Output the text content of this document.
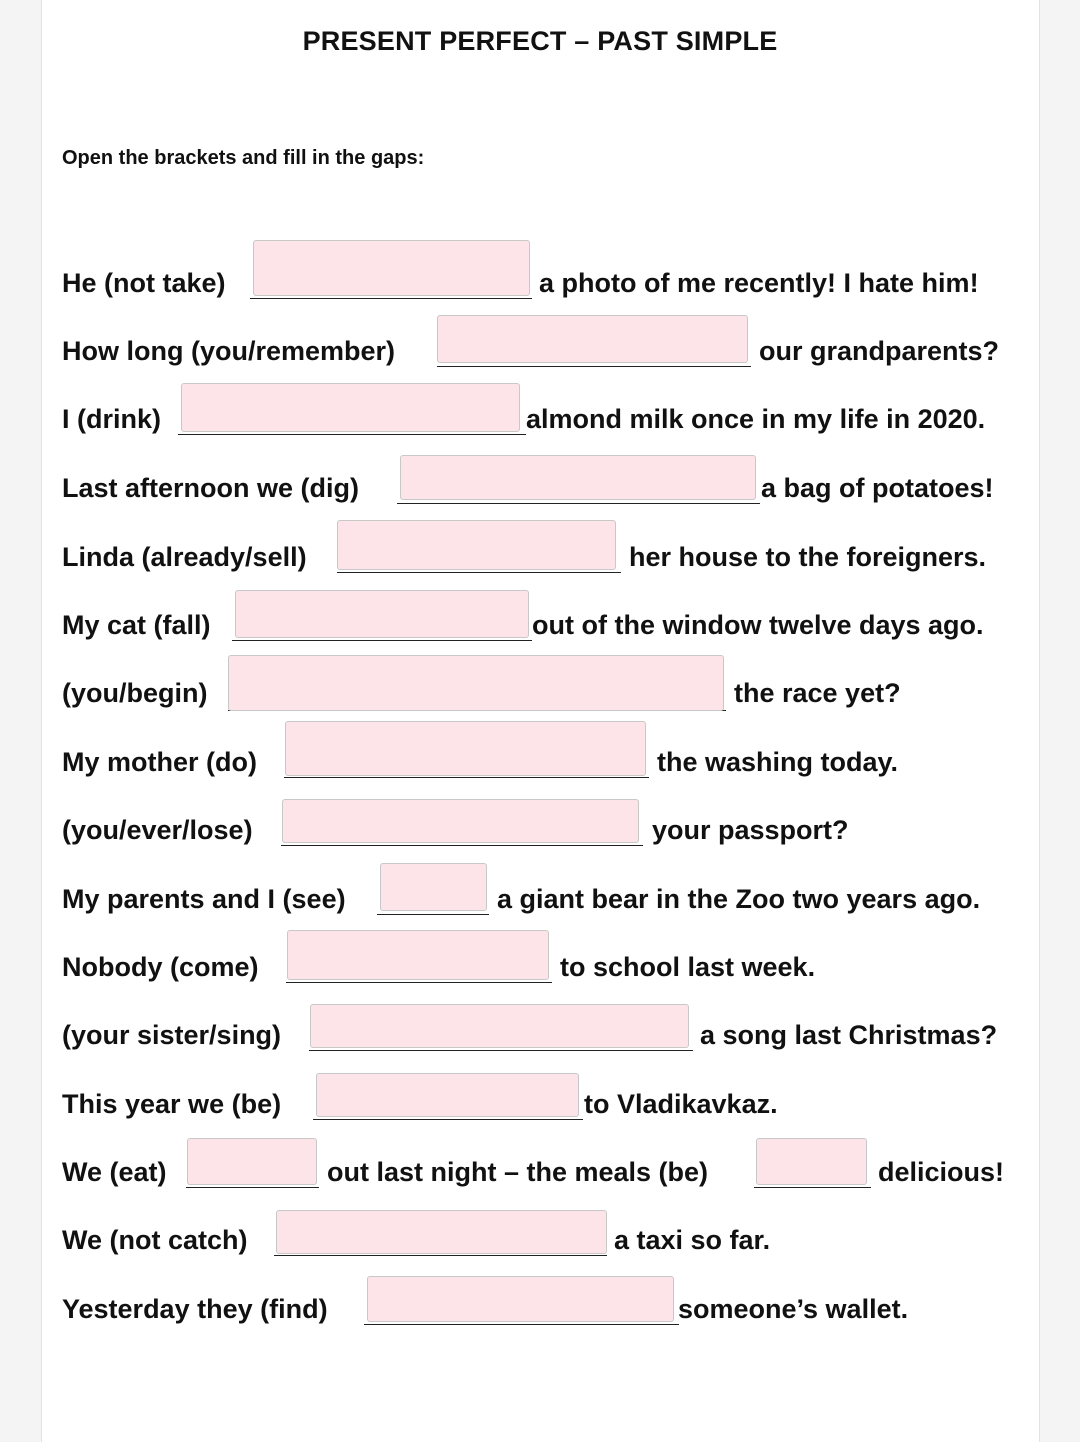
PRESENT PERFECT – PAST SIMPLE
Open the brackets and fill in the gaps:
He (not take)	a photo of me recently! I hate him!
How long (you/remember)	our grandparents?
I (drink)	almond milk once in my life in 2020.
Last afternoon we (dig)	a bag of potatoes!
Linda (already/sell)	her house to the foreigners.
My cat (fall)	out of the window twelve days ago.
(you/begin)	the race yet?
My mother (do)	the washing today.
(you/ever/lose)	your passport?
My parents and I (see)	a giant bear in the Zoo two years ago.
Nobody (come)	to school last week.
(your sister/sing)	a song last Christmas?
This year we (be)	to Vladikavkaz.
We (eat)	out last night – the meals (be)	delicious!
We (not catch)	a taxi so far.
Yesterday they (find)	someone’s wallet.
